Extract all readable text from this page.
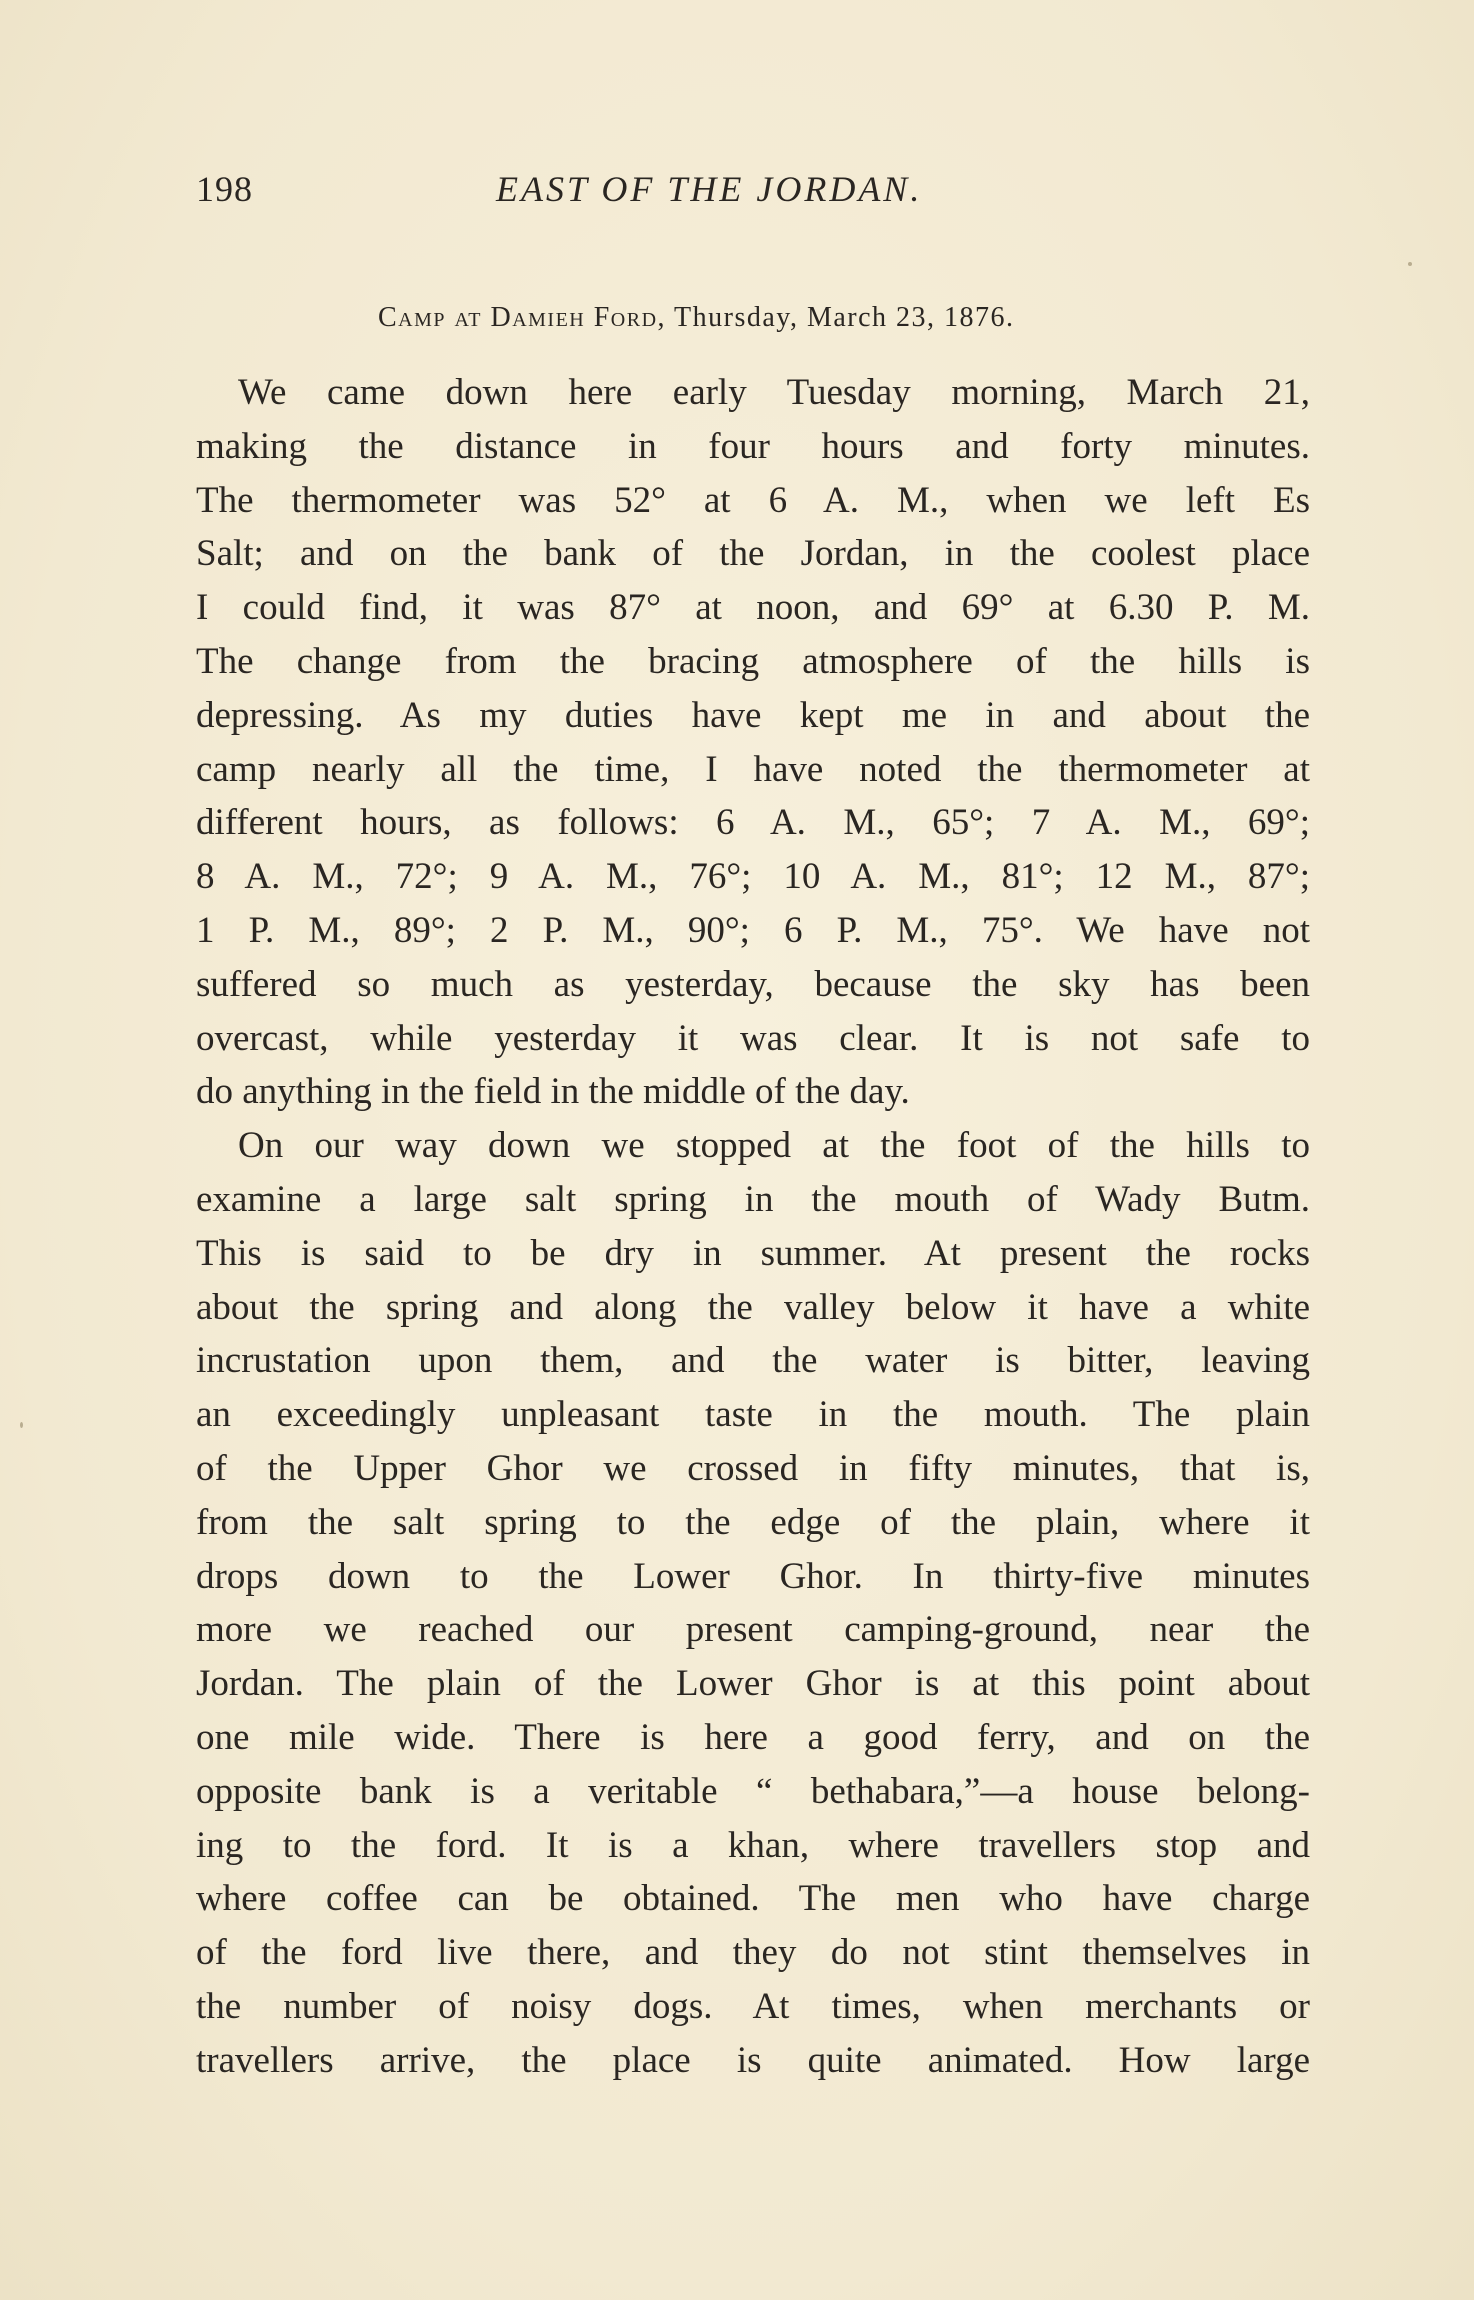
198	EAST OF THE JORDAN.
Camp at Damieh Ford, Thursday, March 23, 1876.
We came down here early Tuesday morning, March 21,
making the distance in four hours and forty minutes.
The thermometer was 52° at 6 A. M., when we left Es
Salt; and on the bank of the Jordan, in the coolest place
I could find, it was 87° at noon, and 69° at 6.30 P. M.
The change from the bracing atmosphere of the hills is
depressing. As my duties have kept me in and about the
camp nearly all the time, I have noted the thermometer at
different hours, as follows: 6 A. M., 65°; 7 A. M., 69°;
8 A. M., 72°; 9 A. M., 76°; 10 A. M., 81°; 12 M., 87°;
1 P. M., 89°; 2 P. M., 90°; 6 P. M., 75°. We have not
suffered so much as yesterday, because the sky has been
overcast, while yesterday it was clear. It is not safe to
do anything in the field in the middle of the day.
On our way down we stopped at the foot of the hills to
examine a large salt spring in the mouth of Wady Butm.
This is said to be dry in summer. At present the rocks
about the spring and along the valley below it have a white
incrustation upon them, and the water is bitter, leaving
an exceedingly unpleasant taste in the mouth. The plain
of the Upper Ghor we crossed in fifty minutes, that is,
from the salt spring to the edge of the plain, where it
drops down to the Lower Ghor. In thirty-five minutes
more we reached our present camping-ground, near the
Jordan. The plain of the Lower Ghor is at this point about
one mile wide. There is here a good ferry, and on the
opposite bank is a veritable “ bethabara,”—a house belong-
ing to the ford. It is a khan, where travellers stop and
where coffee can be obtained. The men who have charge
of the ford live there, and they do not stint themselves in
the number of noisy dogs. At times, when merchants or
travellers arrive, the place is quite animated. How large
